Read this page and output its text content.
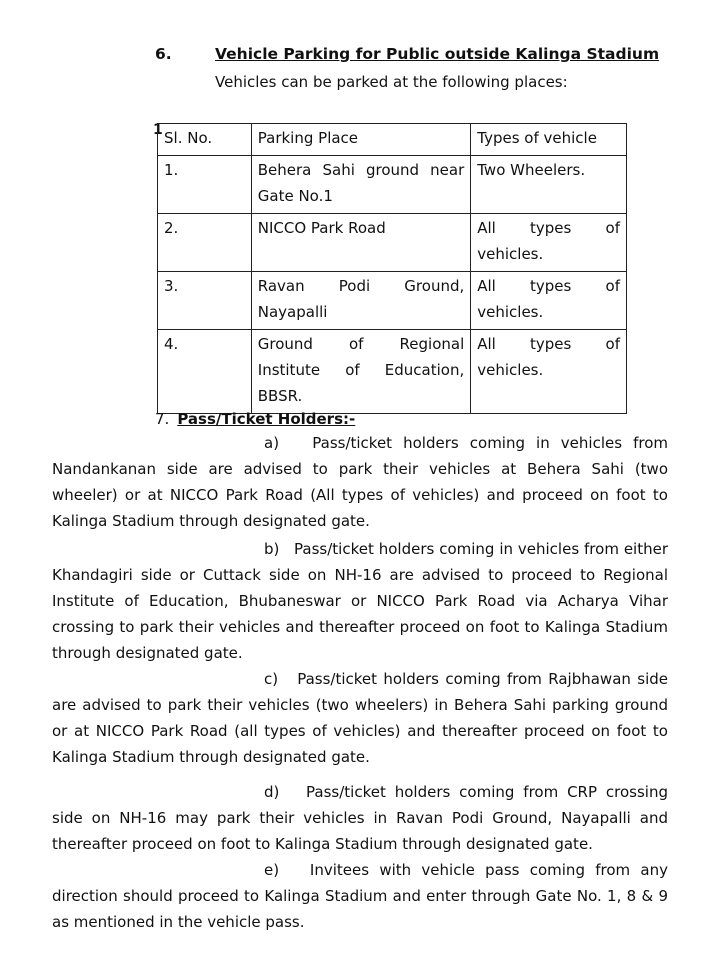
6.	Vehicle Parking for Public outside Kalinga Stadium
Vehicles can be parked at the following places:
1 Sl. No.	Parking Place	Types of vehicle
1.	Behera Sahi ground near Gate No.1	Two Wheelers.
2.	NICCO Park Road	All types of vehicles.
3.	Ravan Podi Ground, Nayapalli	All types of vehicles.
4.	Ground of Regional Institute of Education, BBSR.	All types of vehicles.
7. Pass/Ticket Holders:-
a) Pass/ticket holders coming in vehicles from Nandankanan side are advised to park their vehicles at Behera Sahi (two wheeler) or at NICCO Park Road (All types of vehicles) and proceed on foot to Kalinga Stadium through designated gate.
b) Pass/ticket holders coming in vehicles from either Khandagiri side or Cuttack side on NH-16 are advised to proceed to Regional Institute of Education, Bhubaneswar or NICCO Park Road via Acharya Vihar crossing to park their vehicles and thereafter proceed on foot to Kalinga Stadium through designated gate.
c) Pass/ticket holders coming from Rajbhawan side are advised to park their vehicles (two wheelers) in Behera Sahi parking ground or at NICCO Park Road (all types of vehicles) and thereafter proceed on foot to Kalinga Stadium through designated gate.
d) Pass/ticket holders coming from CRP crossing side on NH-16 may park their vehicles in Ravan Podi Ground, Nayapalli and thereafter proceed on foot to Kalinga Stadium through designated gate.
e) Invitees with vehicle pass coming from any direction should proceed to Kalinga Stadium and enter through Gate No. 1, 8 & 9 as mentioned in the vehicle pass.
